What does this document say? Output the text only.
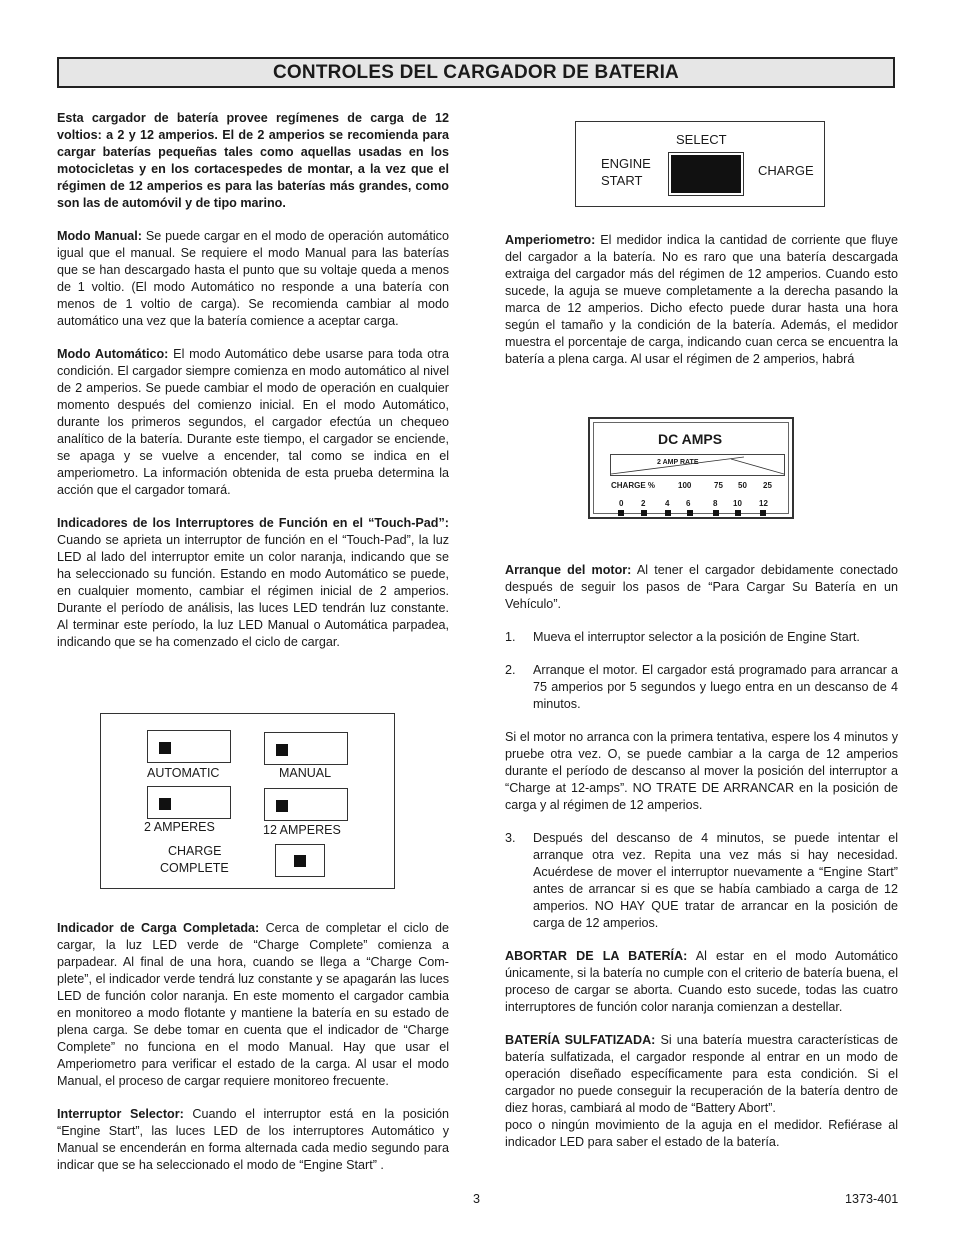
CONTROLES DEL CARGADOR DE BATERIA

Esta cargador de batería provee regímenes de carga de 12 voltios: a 2 y 12 amperios. El de 2 amperios se recomienda para cargar baterías pequeñas tales como aquellas usadas en los motocicletas y en los cortacespedes de montar, a la vez que el régimen de 12 amperios es para las baterías más grandes, como son las de automóvil y de tipo marino.

Modo Manual: Se puede cargar en el modo de operación automático igual que el manual. Se requiere el modo Manual para las baterías que se han descargado hasta el punto que su voltaje queda a menos de 1 voltio. (El modo Automático no responde a una batería con menos de 1 voltio de carga). Se recomienda cambiar al modo automático una vez que la batería comience a aceptar carga.

Modo Automático: El modo Automático debe usarse para toda otra condición. El cargador siempre comienza en modo automático al nivel de 2 amperios. Se puede cambiar el modo de operación en cualquier momento después del comienzo inicial. En el modo Automático, durante los primeros segundos, el cargador efectúa un chequeo analítico de la batería. Durante este tiempo, el cargador se enciende, se apaga y se vuelve a encender, tal como se indica en el amperiometro. La información obtenida de esta prueba determina la acción que el cargador tomará.

Indicadores de los Interruptores de Función en el “Touch-Pad”: Cuando se aprieta un interruptor de función en el “Touch-Pad”, la luz LED al lado del interruptor emite un color naranja, indicando que se ha seleccionado su función. Estando en modo Automático se puede, en cualquier momento, cambiar el régimen inicial de 2 amperios. Durante el período de análisis, las luces LED tendrán luz constante. Al terminar este período, la luz LED Manual o Automática parpadea, indicando que se ha comenzado el ciclo de cargar.

Indicador de Carga Completada: Cerca de completar el ciclo de cargar, la luz LED verde de “Charge Complete” comienza a parpadear. Al final de una hora, cuando se llega a “Charge Com-plete”, el indicador verde tendrá luz constante y se apagarán las luces LED de función color naranja. En este momento el cargador cambia en monitoreo a modo flotante y mantiene la batería en su estado de plena carga. Se debe tomar en cuenta que el indicador de “Charge Complete” no funciona en el modo Manual. Hay que usar el Amperiometro para verificar el estado de la carga. Al usar el modo Manual, el proceso de cargar requiere monitoreo frecuente.

Interruptor Selector: Cuando el interruptor está en la posición “Engine Start”, las luces LED de los interruptores Automático y Manual se encenderán en forma alternada cada medio segundo para indicar que se ha seleccionado el modo de “Engine Start” .

AUTOMATIC	MANUAL
2 AMPERES	12 AMPERES
CHARGE
COMPLETE
SELECT
ENGINE
START
CHARGE

Amperiometro: El medidor indica la cantidad de corriente que fluye del cargador a la batería. No es raro que una batería descargada extraiga del cargador más del régimen de 12 amperios. Cuando esto sucede, la aguja se mueve completamente a la derecha pasando la marca de 12 amperios. Dicho efecto puede durar hasta una hora según el tamaño y la condición de la batería. Además, el medidor muestra el porcentaje de carga, indicando cuan cerca se encuentra la batería a plena carga. Al usar el régimen de 2 amperios, habrá

DC AMPS
2 AMP RATE
CHARGE %	100	75 50 25
0 2 4 6	8 10 12

Arranque del motor: Al tener el cargador debidamente conectado después de seguir los pasos de “Para Cargar Su Batería en un Vehículo”.

1.	Mueva el interruptor selector a la posición de Engine Start.
2.	Arranque el motor. El cargador está programado para arrancar a 75 amperios por 5 segundos y luego entra en un descanso de 4 minutos.

Si el motor no arranca con la primera tentativa, espere los 4 minutos y pruebe otra vez. O, se puede cambiar a la carga de 12 amperios durante el período de descanso al mover la posición del interruptor a “Charge at 12-amps”. NO TRATE DE ARRANCAR en la posición de carga y al régimen de 12 amperios.

3.	Después del descanso de 4 minutos, se puede intentar el arranque otra vez. Repita una vez más si hay necesidad. Acuérdese de mover el interruptor nuevamente a “Engine Start” antes de arrancar si es que se había cambiado a carga de 12 amperios. NO HAY QUE tratar de arrancar en la posición de carga de 12 amperios.

ABORTAR DE LA BATERÍA: Al estar en el modo Automático únicamente, si la batería no cumple con el criterio de batería buena, el proceso de cargar se aborta. Cuando esto sucede, todas las cuatro interruptores de función color naranja comienzan a destellar.

BATERÍA SULFATIZADA: Si una batería muestra características de batería sulfatizada, el cargador responde al entrar en un modo de operación diseñado específicamente para esta condición. Si el cargador no puede conseguir la recuperación de la batería dentro de diez horas, cambiará al modo de “Battery Abort”.
poco o ningún movimiento de la aguja en el medidor. Refiérase al indicador LED para saber el estado de la batería.

3	1373-401
